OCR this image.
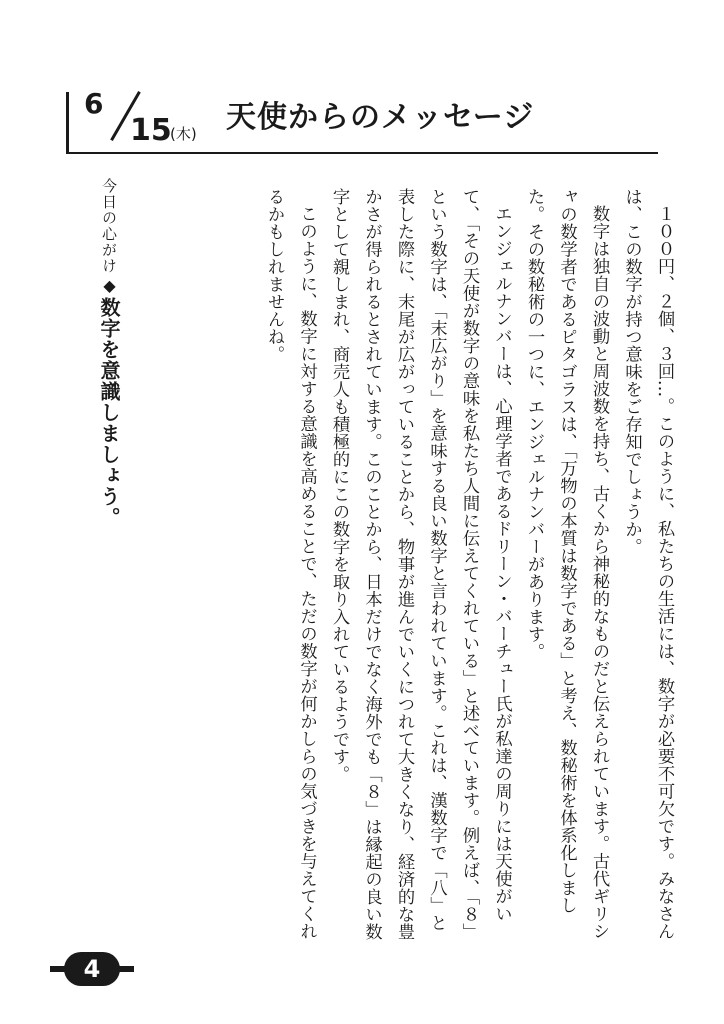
6
15
(木) 天使からのメッセージ

１００円、２個、３回…。このように、私たちの生活には、数字が必要不可欠です。みなさんは、この数字が持つ意味をご存知でしょうか。

数字は独自の波動と周波数を持ち、古くから神秘的なものだと伝えられています。古代ギリシャの数学者であるピタゴラスは、「万物の本質は数字である」と考え、数秘術を体系化しました。その数秘術の一つに、エンジェルナンバーがあります。

エンジェルナンバーは、心理学者であるドリーン・バーチュー氏が私達の周りには天使がいて、「その天使が数字の意味を私たち人間に伝えてくれている」と述べています。例えば、「８」という数字は、「末広がり」を意味する良い数字と言われています。これは、漢数字で「八」と表した際に、末尾が広がっていることから、物事が進んでいくにつれて大きくなり、経済的な豊かさが得られるとされています。このことから、日本だけでなく海外でも「８」は縁起の良い数字として親しまれ、商売人も積極的にこの数字を取り入れているようです。

このように、数字に対する意識を高めることで、ただの数字が何かしらの気づきを与えてくれるかもしれませんね。

今日の心がけ◆数字を意識しましょう。
4
